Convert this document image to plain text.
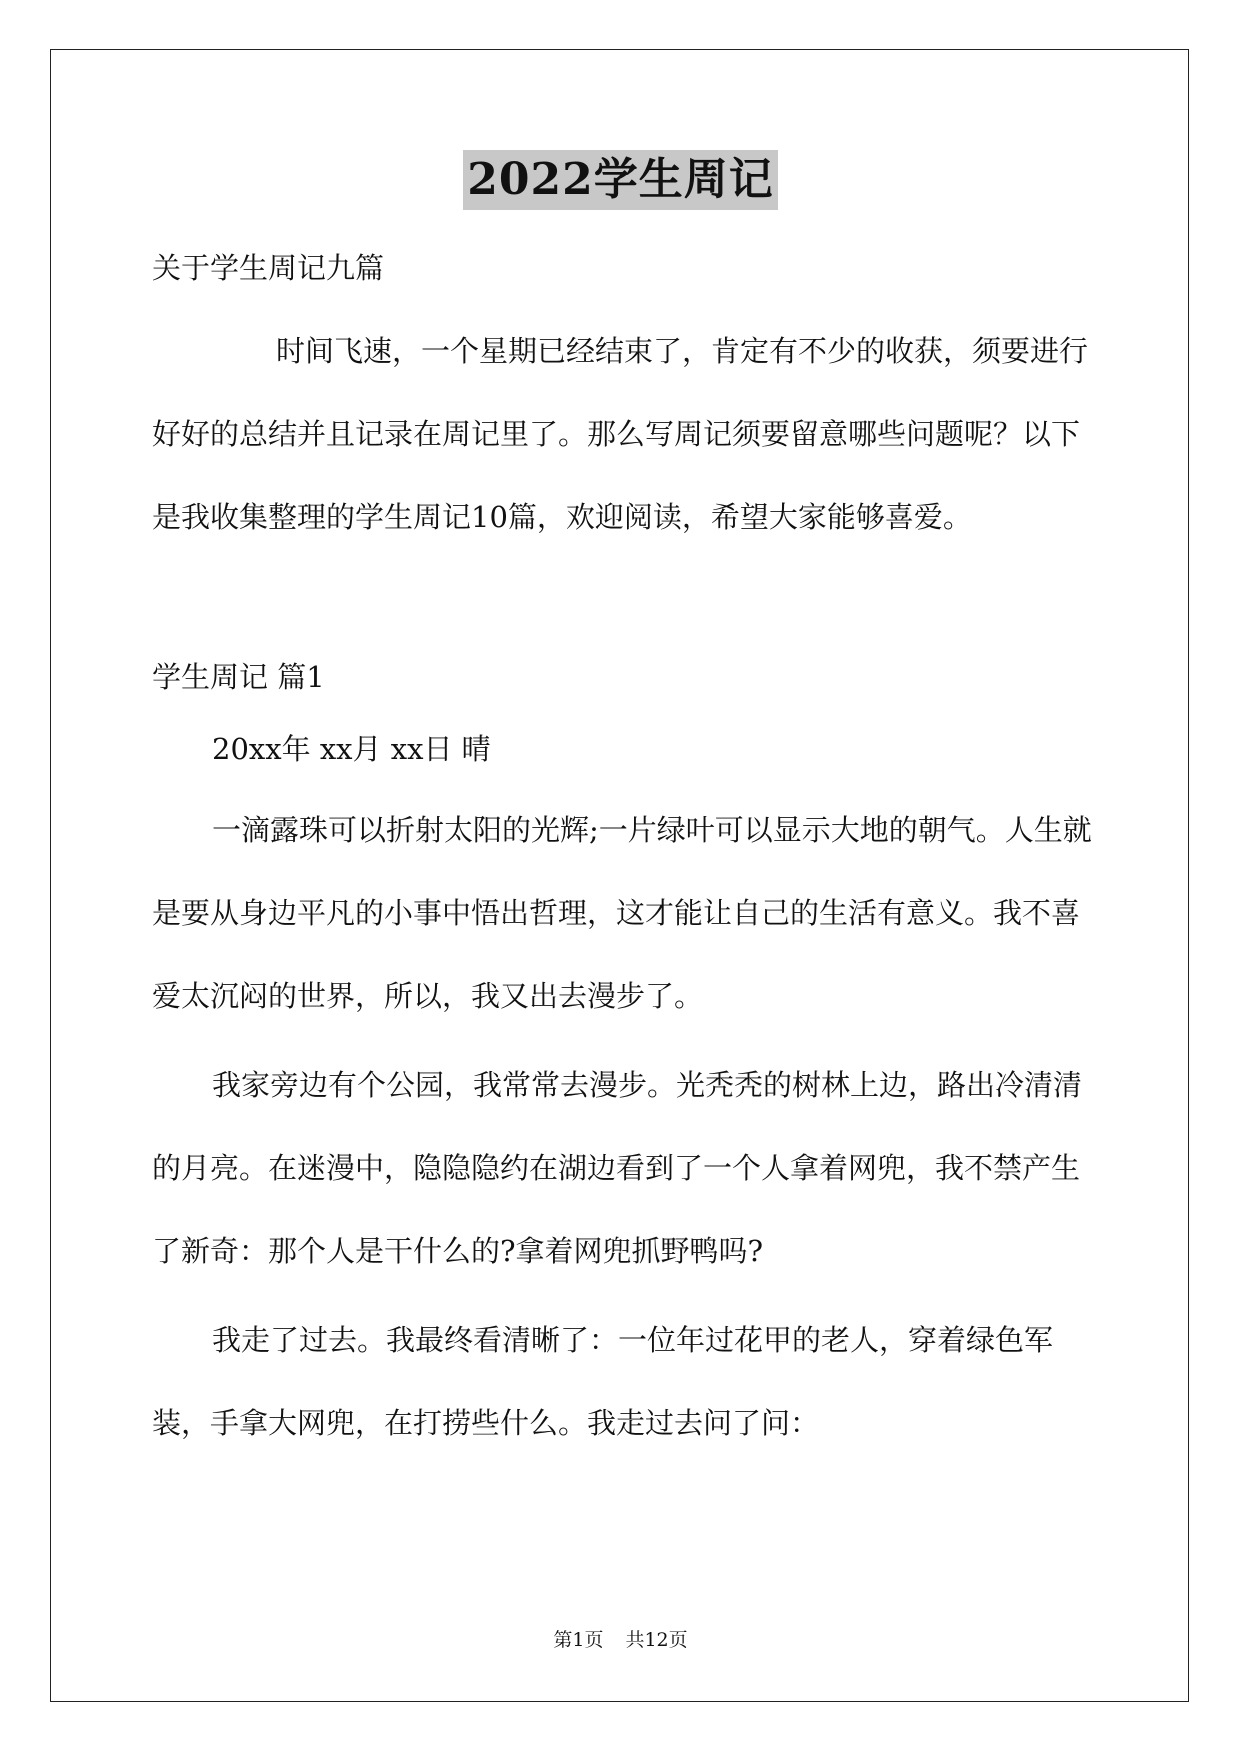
2022学生周记

关于学生周记九篇

时间飞速，一个星期已经结束了，肯定有不少的收获，须要进行好好的总结并且记录在周记里了。那么写周记须要留意哪些问题呢？以下是我收集整理的学生周记10篇，欢迎阅读，希望大家能够喜爱。

学生周记 篇1

20xx年 xx月 xx日 晴

一滴露珠可以折射太阳的光辉;一片绿叶可以显示大地的朝气。人生就是要从身边平凡的小事中悟出哲理，这才能让自己的生活有意义。我不喜爱太沉闷的世界，所以，我又出去漫步了。

我家旁边有个公园，我常常去漫步。光秃秃的树林上边，路出冷清清的月亮。在迷漫中，隐隐隐约在湖边看到了一个人拿着网兜，我不禁产生了新奇：那个人是干什么的?拿着网兜抓野鸭吗?

我走了过去。我最终看清晰了：一位年过花甲的老人，穿着绿色军装，手拿大网兜，在打捞些什么。我走过去问了问：

第1页 共12页
